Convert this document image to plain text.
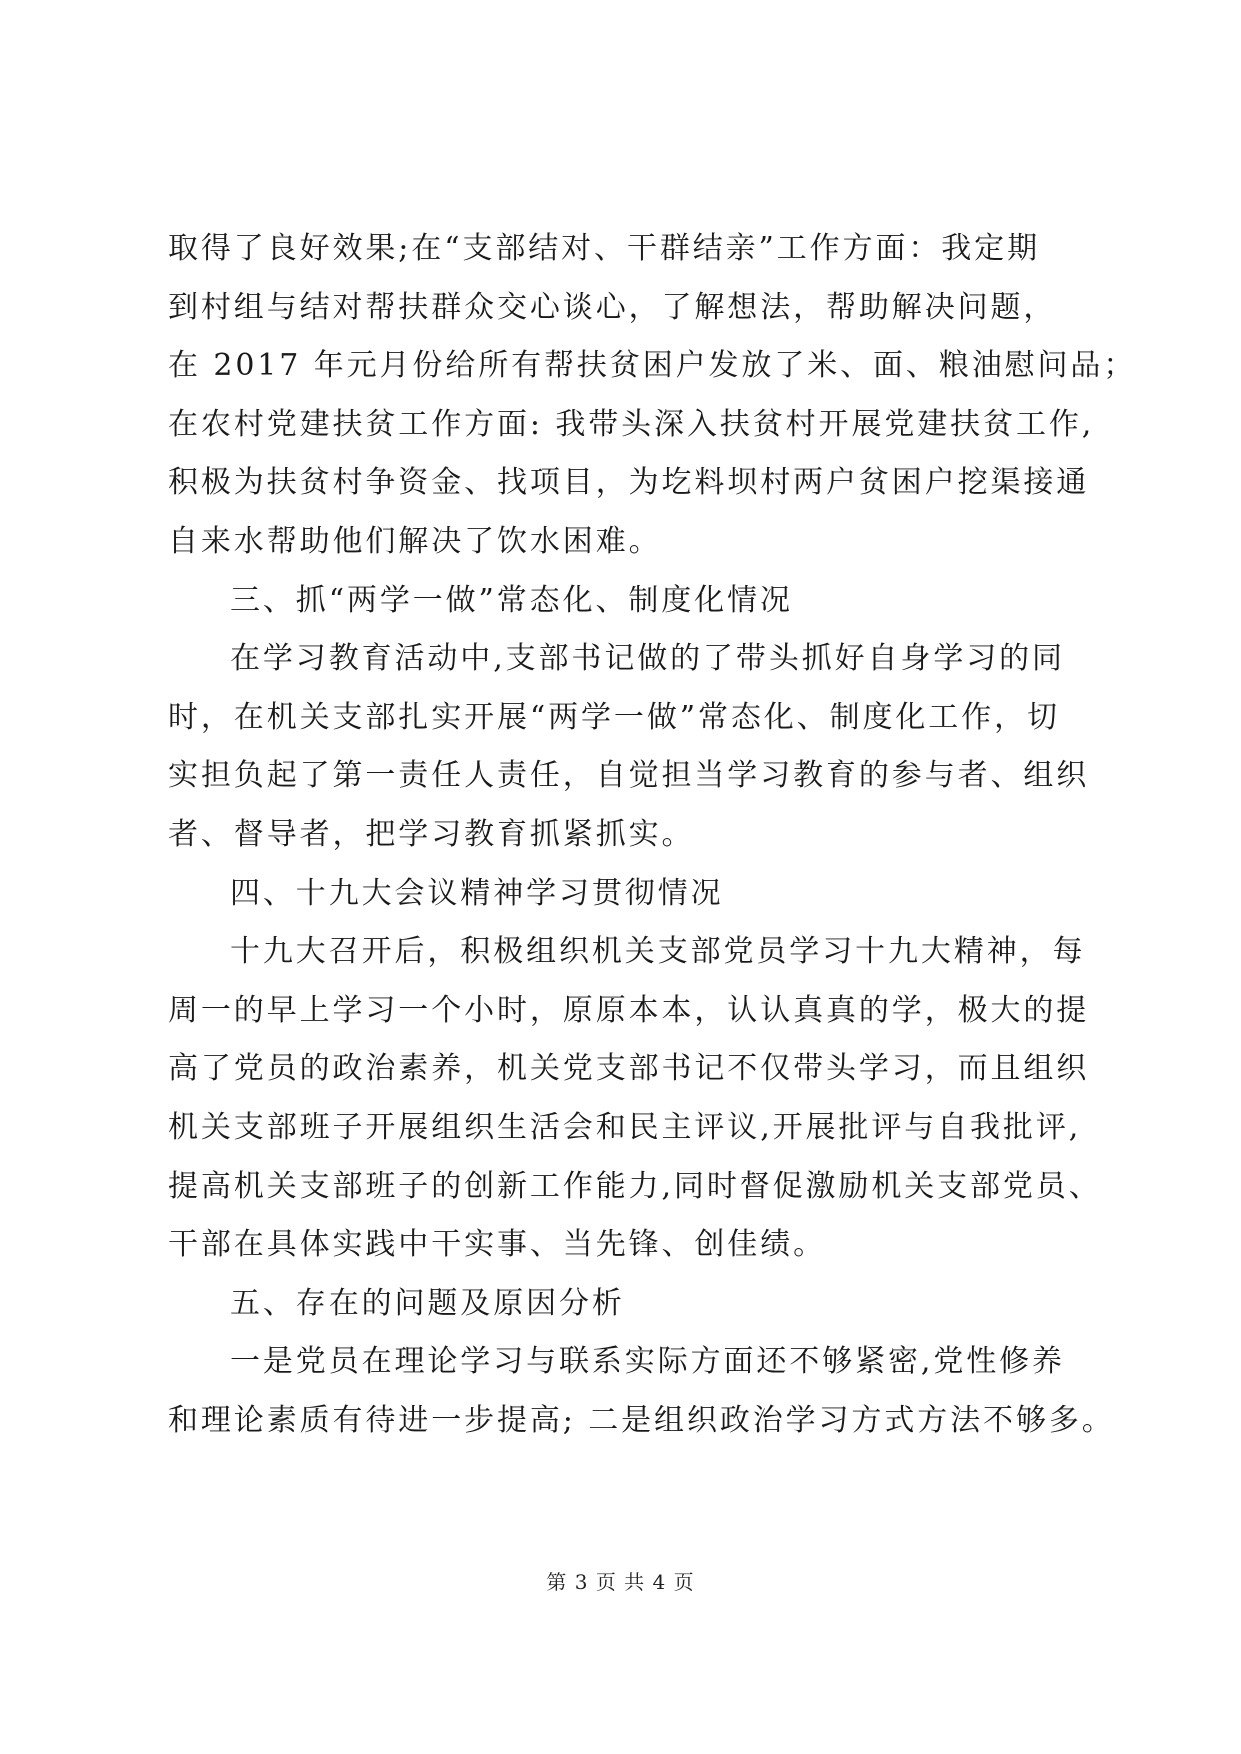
取得了良好效果;在“支部结对、干群结亲”工作方面：我定期
到村组与结对帮扶群众交心谈心，了解想法，帮助解决问题，
在 2017 年元月份给所有帮扶贫困户发放了米、面、粮油慰问品；
在农村党建扶贫工作方面: 我带头深入扶贫村开展党建扶贫工作,
积极为扶贫村争资金、找项目，为圪料坝村两户贫困户挖渠接通
自来水帮助他们解决了饮水困难。
三、抓“两学一做”常态化、制度化情况
在学习教育活动中,支部书记做的了带头抓好自身学习的同
时，在机关支部扎实开展“两学一做”常态化、制度化工作，切
实担负起了第一责任人责任，自觉担当学习教育的参与者、组织
者、督导者，把学习教育抓紧抓实。
四、十九大会议精神学习贯彻情况
十九大召开后，积极组织机关支部党员学习十九大精神，每
周一的早上学习一个小时，原原本本，认认真真的学，极大的提
高了党员的政治素养，机关党支部书记不仅带头学习，而且组织
机关支部班子开展组织生活会和民主评议,开展批评与自我批评,
提高机关支部班子的创新工作能力,同时督促激励机关支部党员、
干部在具体实践中干实事、当先锋、创佳绩。
五、存在的问题及原因分析
一是党员在理论学习与联系实际方面还不够紧密,党性修养
和理论素质有待进一步提高; 二是组织政治学习方式方法不够多。
第 3 页 共 4 页
